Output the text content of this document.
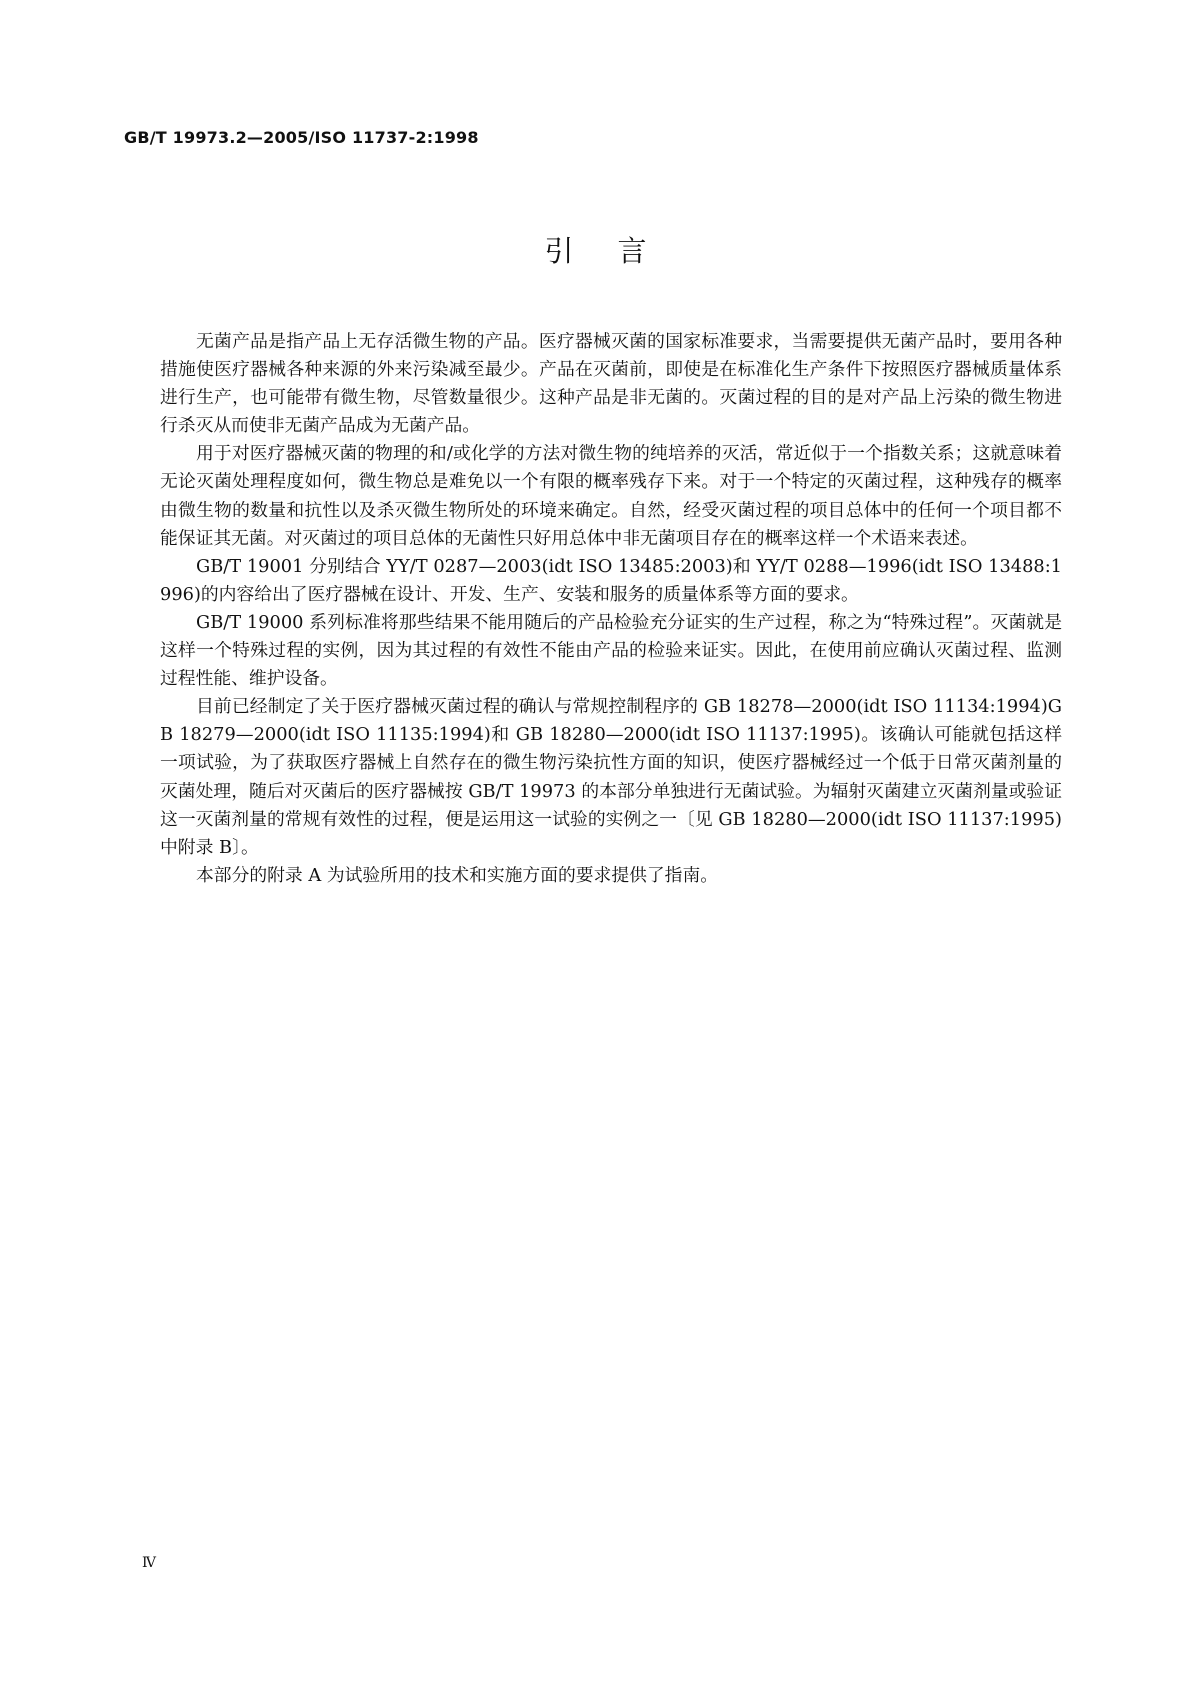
GB/T 19973.2—2005/ISO 11737-2:1998
引言

无菌产品是指产品上无存活微生物的产品。医疗器械灭菌的国家标准要求，当需要提供无菌产品时，要用各种措施使医疗器械各种来源的外来污染减至最少。产品在灭菌前，即使是在标准化生产条件下按照医疗器械质量体系进行生产，也可能带有微生物，尽管数量很少。这种产品是非无菌的。灭菌过程的目的是对产品上污染的微生物进行杀灭从而使非无菌产品成为无菌产品。

用于对医疗器械灭菌的物理的和/或化学的方法对微生物的纯培养的灭活，常近似于一个指数关系；这就意味着无论灭菌处理程度如何，微生物总是难免以一个有限的概率残存下来。对于一个特定的灭菌过程，这种残存的概率由微生物的数量和抗性以及杀灭微生物所处的环境来确定。自然，经受灭菌过程的项目总体中的任何一个项目都不能保证其无菌。对灭菌过的项目总体的无菌性只好用总体中非无菌项目存在的概率这样一个术语来表述。

GB/T 19001 分别结合 YY/T 0287—2003(idt ISO 13485:2003)和 YY/T 0288—1996(idt ISO 13488:1996)的内容给出了医疗器械在设计、开发、生产、安装和服务的质量体系等方面的要求。

GB/T 19000 系列标准将那些结果不能用随后的产品检验充分证实的生产过程，称之为“特殊过程”。灭菌就是这样一个特殊过程的实例，因为其过程的有效性不能由产品的检验来证实。因此，在使用前应确认灭菌过程、监测过程性能、维护设备。

目前已经制定了关于医疗器械灭菌过程的确认与常规控制程序的 GB 18278—2000(idt ISO 11134:1994)GB 18279—2000(idt ISO 11135:1994)和 GB 18280—2000(idt ISO 11137:1995)。该确认可能就包括这样一项试验，为了获取医疗器械上自然存在的微生物污染抗性方面的知识，使医疗器械经过一个低于日常灭菌剂量的灭菌处理，随后对灭菌后的医疗器械按 GB/T 19973 的本部分单独进行无菌试验。为辐射灭菌建立灭菌剂量或验证这一灭菌剂量的常规有效性的过程，便是运用这一试验的实例之一〔见 GB 18280—2000(idt ISO 11137:1995)中附录 B〕。

本部分的附录 A 为试验所用的技术和实施方面的要求提供了指南。

Ⅳ
